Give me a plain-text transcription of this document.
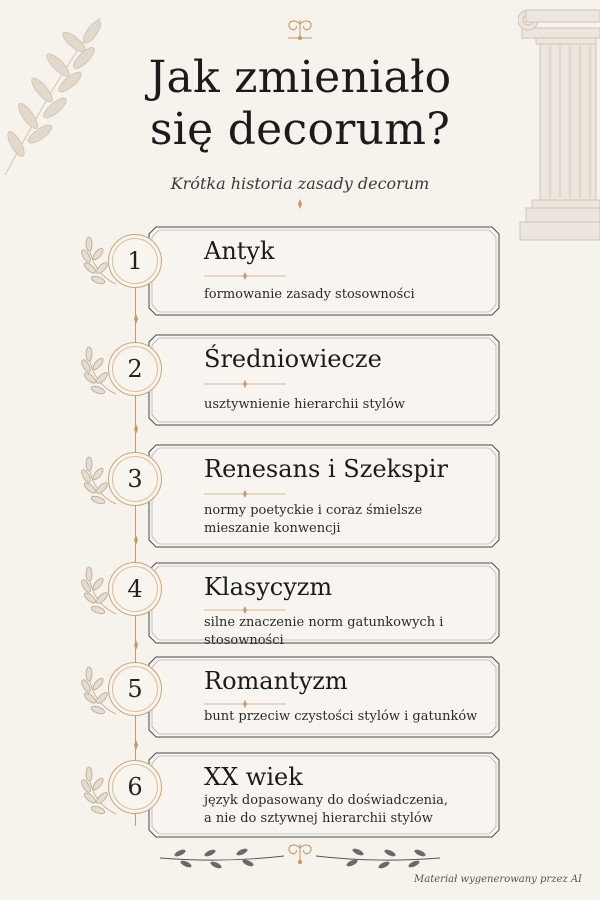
Jak zmieniało
się decorum?
Krótka historia zasady decorum
Antyk
formowanie zasady stosowności
1
Średniowiecze
usztywnienie hierarchii stylów
2
Renesans i Szekspir
normy poetyckie i coraz śmielsze
mieszanie konwencji
3
Klasycyzm
silne znaczenie norm gatunkowych i stosowności
4
Romantyzm
bunt przeciw czystości stylów i gatunków
5
XX wiek
język dopasowany do doświadczenia,
a nie do sztywnej hierarchii stylów
6
Materiał wygenerowany przez AI
